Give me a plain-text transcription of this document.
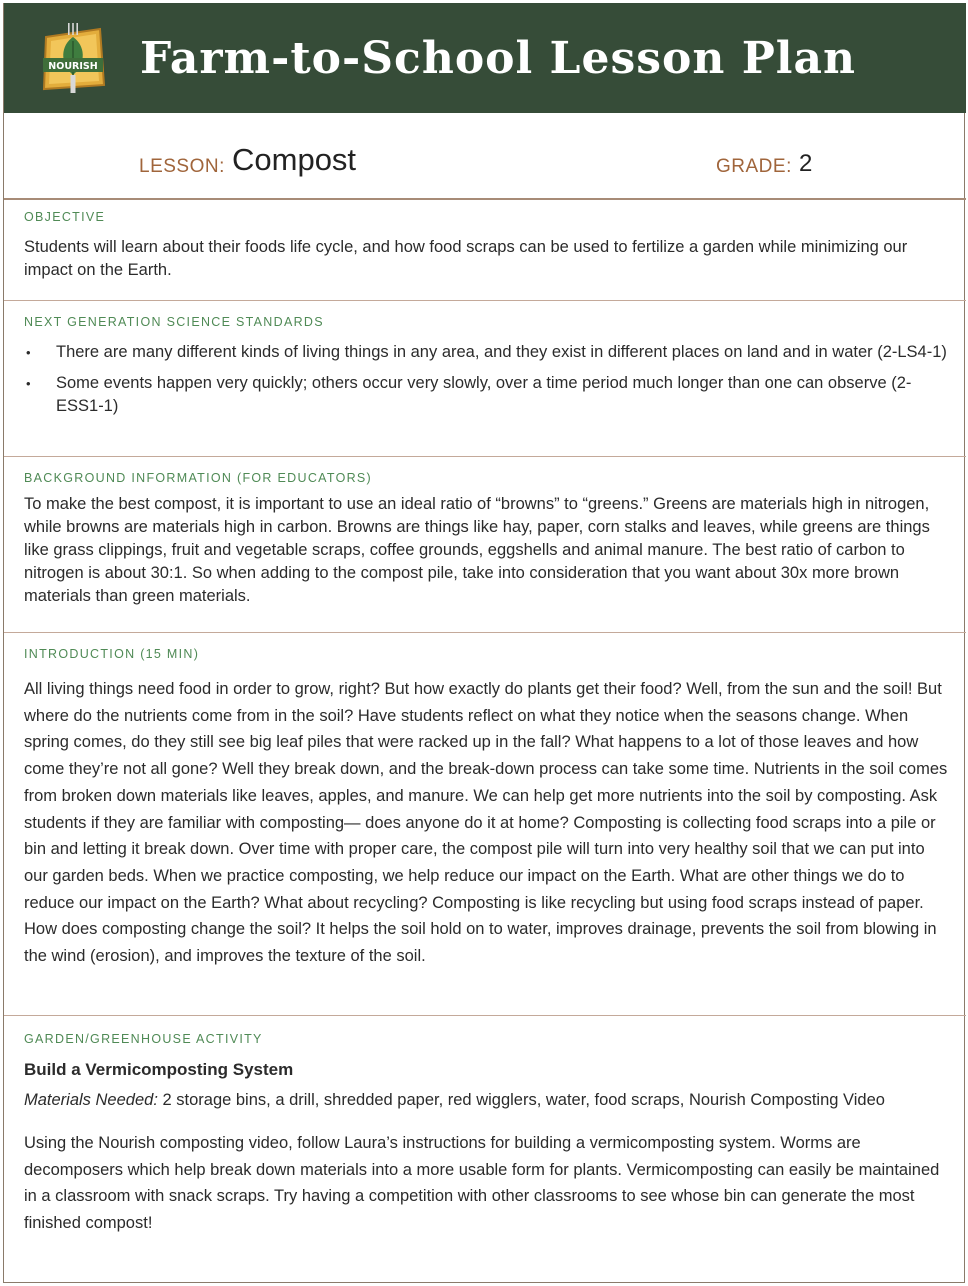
NOURISH Farm-to-School Lesson Plan
LESSON: Compost	GRADE: 2
OBJECTIVE
Students will learn about their foods life cycle, and how food scraps can be used to fertilize a garden while minimizing our impact on the Earth.
NEXT GENERATION SCIENCE STANDARDS
• There are many different kinds of living things in any area, and they exist in different places on land and in water (2-LS4-1)
• Some events happen very quickly; others occur very slowly, over a time period much longer than one can observe (2-ESS1-1)
BACKGROUND INFORMATION (FOR EDUCATORS)
To make the best compost, it is important to use an ideal ratio of “browns” to “greens.” Greens are materials high in nitrogen, while browns are materials high in carbon. Browns are things like hay, paper, corn stalks and leaves, while greens are things like grass clippings, fruit and vegetable scraps, coffee grounds, eggshells and animal manure. The best ratio of carbon to nitrogen is about 30:1. So when adding to the compost pile, take into consideration that you want about 30x more brown materials than green materials.
INTRODUCTION (15 MIN)
All living things need food in order to grow, right? But how exactly do plants get their food? Well, from the sun and the soil! But where do the nutrients come from in the soil? Have students reflect on what they notice when the seasons change. When spring comes, do they still see big leaf piles that were racked up in the fall? What happens to a lot of those leaves and how come they’re not all gone? Well they break down, and the break-down process can take some time. Nutrients in the soil comes from broken down materials like leaves, apples, and manure. We can help get more nutrients into the soil by composting. Ask students if they are familiar with composting— does anyone do it at home? Composting is collecting food scraps into a pile or bin and letting it break down. Over time with proper care, the compost pile will turn into very healthy soil that we can put into our garden beds. When we practice composting, we help reduce our impact on the Earth. What are other things we do to reduce our impact on the Earth? What about recycling? Composting is like recycling but using food scraps instead of paper. How does composting change the soil? It helps the soil hold on to water, improves drainage, prevents the soil from blowing in the wind (erosion), and improves the texture of the soil.
GARDEN/GREENHOUSE ACTIVITY
Build a Vermicomposting System
Materials Needed: 2 storage bins, a drill, shredded paper, red wigglers, water, food scraps, Nourish Composting Video
Using the Nourish composting video, follow Laura’s instructions for building a vermicomposting system. Worms are decomposers which help break down materials into a more usable form for plants. Vermicomposting can easily be maintained in a classroom with snack scraps. Try having a competition with other classrooms to see whose bin can generate the most finished compost!
